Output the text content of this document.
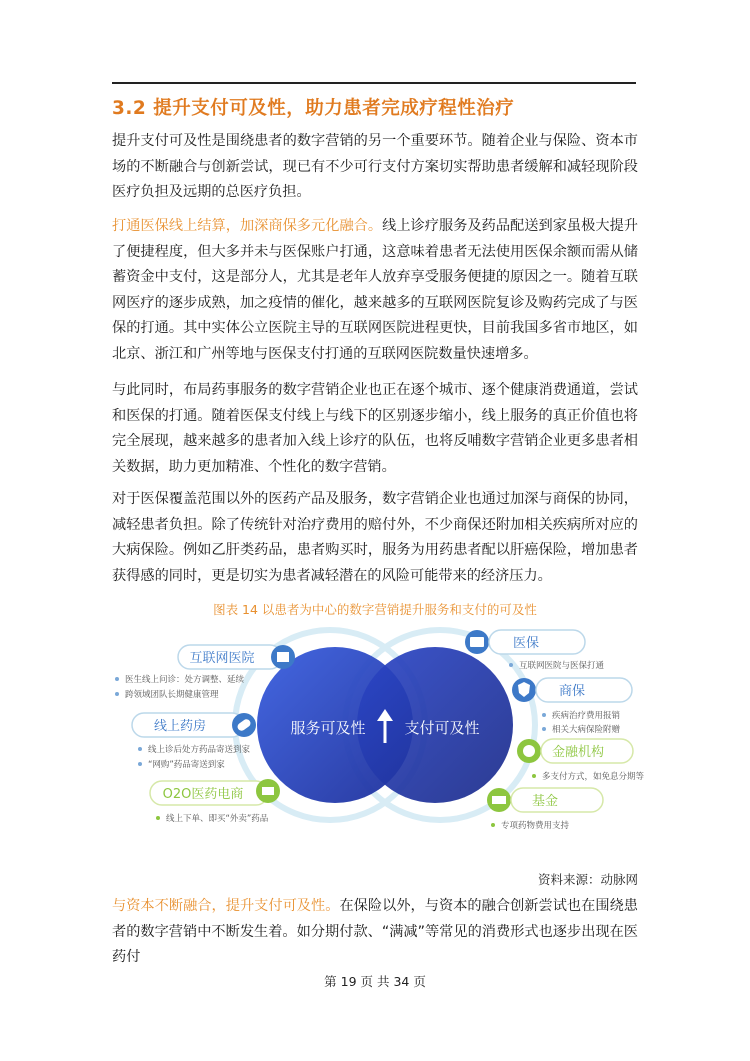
3.2 提升支付可及性，助力患者完成疗程性治疗
提升支付可及性是围绕患者的数字营销的另一个重要环节。随着企业与保险、资本市场的不断融合与创新尝试，现已有不少可行支付方案切实帮助患者缓解和减轻现阶段医疗负担及远期的总医疗负担。
打通医保线上结算，加深商保多元化融合。线上诊疗服务及药品配送到家虽极大提升了便捷程度，但大多并未与医保账户打通，这意味着患者无法使用医保余额而需从储蓄资金中支付，这是部分人，尤其是老年人放弃享受服务便捷的原因之一。随着互联网医疗的逐步成熟，加之疫情的催化，越来越多的互联网医院复诊及购药完成了与医保的打通。其中实体公立医院主导的互联网医院进程更快，目前我国多省市地区，如北京、浙江和广州等地与医保支付打通的互联网医院数量快速增多。
与此同时，布局药事服务的数字营销企业也正在逐个城市、逐个健康消费通道，尝试和医保的打通。随着医保支付线上与线下的区别逐步缩小，线上服务的真正价值也将完全展现，越来越多的患者加入线上诊疗的队伍，也将反哺数字营销企业更多患者相关数据，助力更加精准、个性化的数字营销。
对于医保覆盖范围以外的医药产品及服务，数字营销企业也通过加深与商保的协同，减轻患者负担。除了传统针对治疗费用的赔付外，不少商保还附加相关疾病所对应的大病保险。例如乙肝类药品，患者购买时，服务为用药患者配以肝癌保险，增加患者获得感的同时，更是切实为患者减轻潜在的风险可能带来的经济压力。
图表 14 以患者为中心的数字营销提升服务和支付的可及性
服务可及性	支付可及性
互联网医院
医生线上问诊：处方调整、延续
跨领域团队长期健康管理
线上药房
线上诊后处方药品寄送到家
“网购”药品寄送到家
O2O医药电商
线上下单、即买“外卖”药品
医保
互联网医院与医保打通
商保
疾病治疗费用报销
相关大病保险附赠
金融机构
多支付方式，如免息分期等
基金
专项药物费用支持
资料来源：动脉网
与资本不断融合，提升支付可及性。在保险以外，与资本的融合创新尝试也在围绕患者的数字营销中不断发生着。如分期付款、“满减”等常见的消费形式也逐步出现在医药付
第 19 页 共 34 页
